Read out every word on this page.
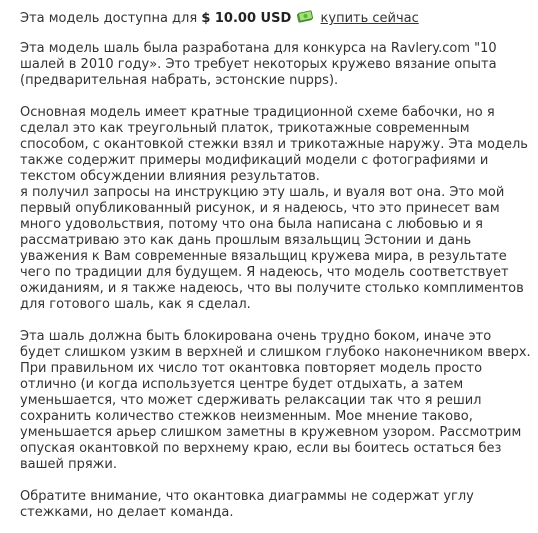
Эта модель доступна для $ 10.00 USD купить сейчас

Эта модель шаль была разработана для конкурса на Ravlery.com "10 шалей в 2010 году». Это требует некоторых кружево вязание опыта (предварительная набрать, эстонские nupps).

Основная модель имеет кратные традиционной схеме бабочки, но я сделал это как треугольный платок, трикотажные современным способом, с окантовкой стежки взял и трикотажные наружу. Эта модель также содержит примеры модификаций модели с фотографиями и текстом обсуждении влияния результатов.

я получил запросы на инструкцию эту шаль, и вуаля вот она. Это мой первый опубликованный рисунок, и я надеюсь, что это принесет вам много удовольствия, потому что она была написана с любовью и я рассматриваю это как дань прошлым вязальщиц Эстонии и дань уважения к Вам современные вязальщиц кружева мира, в результате чего по традиции для будущем. Я надеюсь, что модель соответствует ожиданиям, и я также надеюсь, что вы получите столько комплиментов для готового шаль, как я сделал.

Эта шаль должна быть блокирована очень трудно боком, иначе это будет слишком узким в верхней и слишком глубоко наконечником вверх. При правильном их число тот окантовка повторяет модель просто отлично (и когда используется центре будет отдыхать, а затем уменьшается, что может сдерживать релаксации так что я решил сохранить количество стежков неизменным. Мое мнение таково, уменьшается арьер слишком заметны в кружевном узором. Рассмотрим опуская окантовкой по верхнему краю, если вы боитесь остаться без вашей пряжи.

Обратите внимание, что окантовка диаграммы не содержат углу стежками, но делает команда.
